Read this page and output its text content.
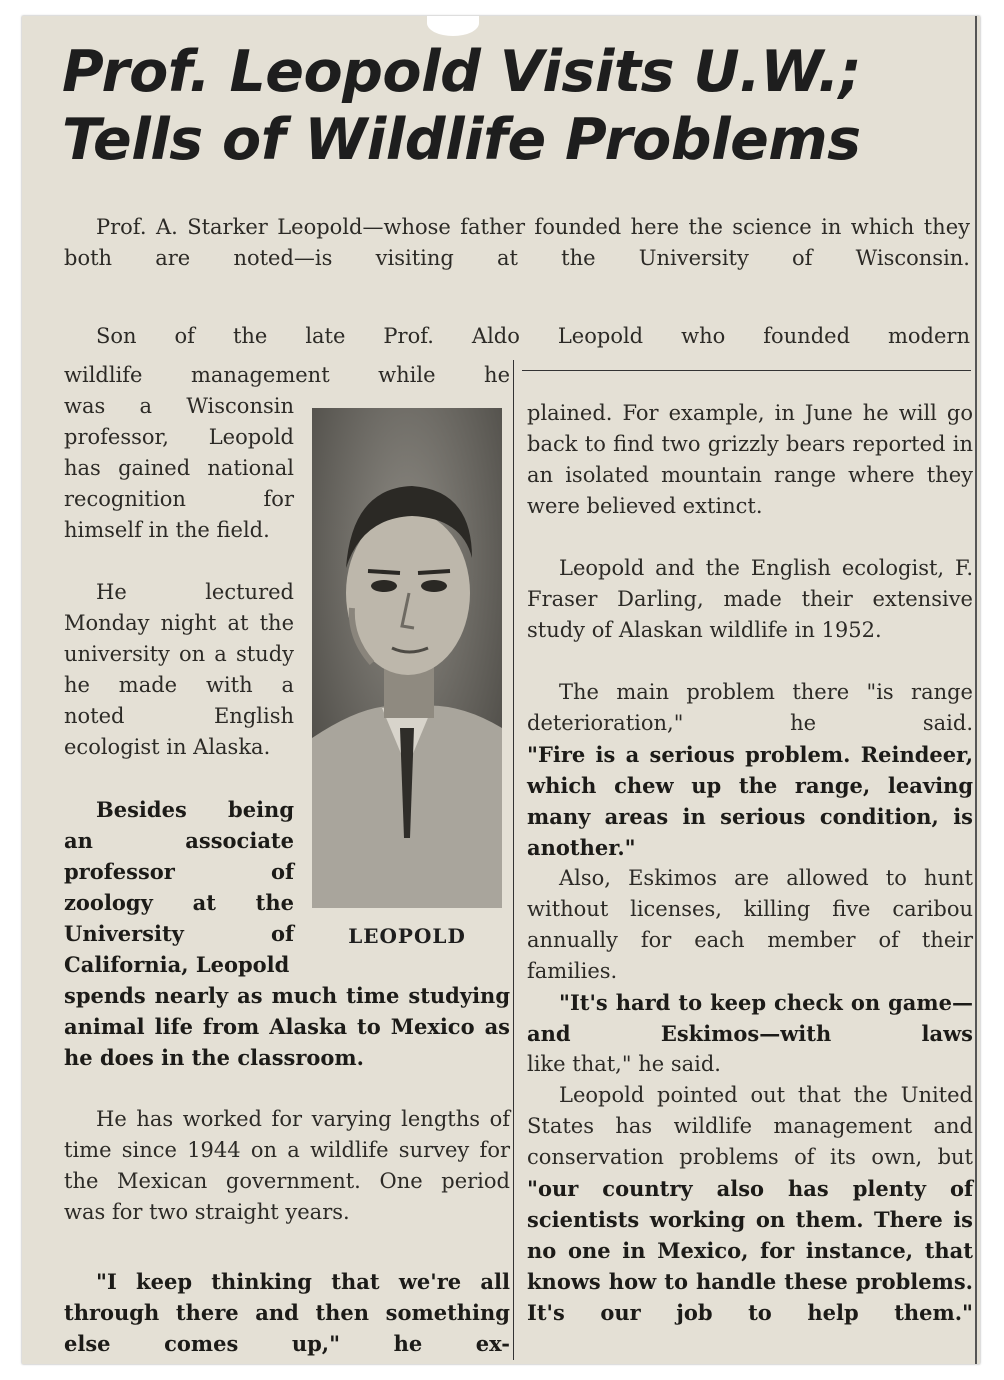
Prof. Leopold Visits U.W.;
Tells of Wildlife Problems

Prof. A. Starker Leopold—whose father founded here the science in which they both are noted—is visiting at the University of Wisconsin.

Son of the late Prof. Aldo Leopold who founded modern

wildlife management while he

was a Wisconsin professor, Leopold has gained national recognition for himself in the field.

He lectured Monday night at the university on a study he made with a noted English ecologist in Alaska.

Besides being an associate professor of zoology at the University of California, Leopold

spends nearly as much time studying animal life from Alaska to Mexico as he does in the classroom.

He has worked for varying lengths of time since 1944 on a wildlife survey for the Mexican government. One period was for two straight years.

"I keep thinking that we're all through there and then something else comes up," he ex-

LEOPOLD

plained. For example, in June he will go back to find two grizzly bears reported in an isolated mountain range where they were believed extinct.

Leopold and the English ecologist, F. Fraser Darling, made their extensive study of Alaskan wildlife in 1952.

The main problem there "is range deterioration," he said.

"Fire is a serious problem. Reindeer, which chew up the range, leaving many areas in serious condition, is another."

Also, Eskimos are allowed to hunt without licenses, killing five caribou annually for each member of their families.

"It's hard to keep check on game—and Eskimos—with laws

like that," he said.

Leopold pointed out that the United States has wildlife management and conservation problems of its own, but

"our country also has plenty of scientists working on them. There is no one in Mexico, for instance, that knows how to handle these problems. It's our job to help them."
